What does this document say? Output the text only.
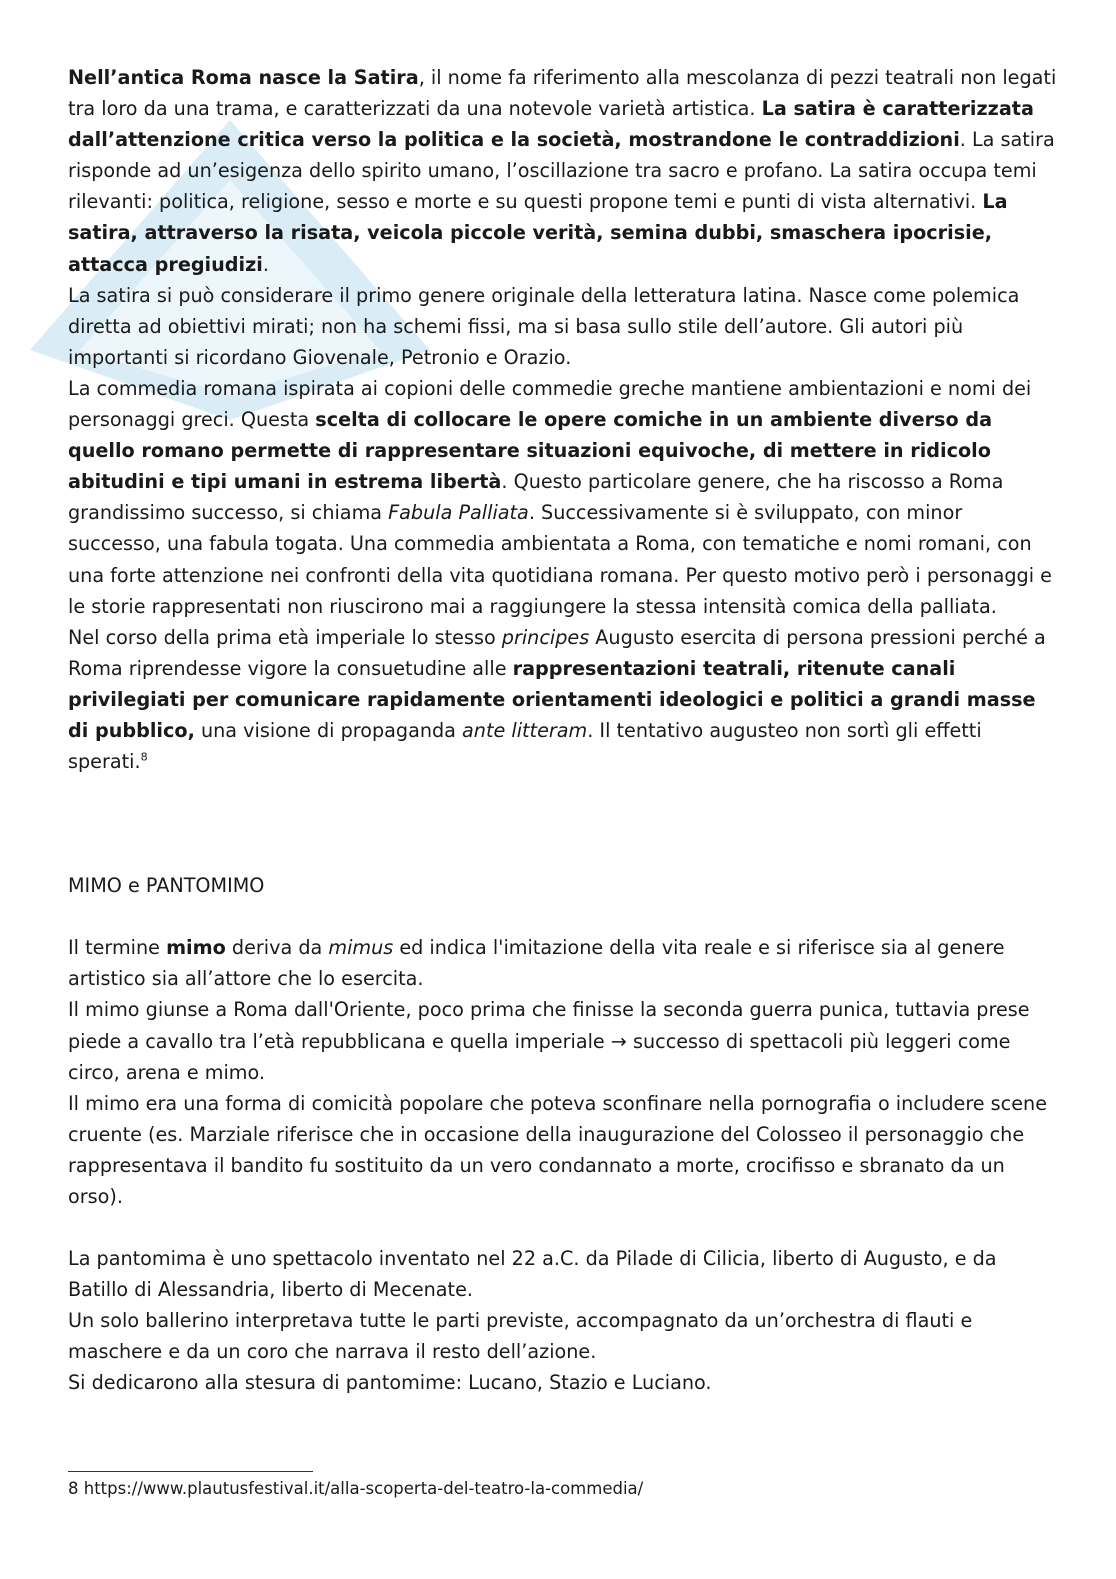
Nell’antica Roma nasce la Satira, il nome fa riferimento alla mescolanza di pezzi teatrali non legati tra loro da una trama, e caratterizzati da una notevole varietà artistica. La satira è caratterizzata dall’attenzione critica verso la politica e la società, mostrandone le contraddizioni. La satira risponde ad un’esigenza dello spirito umano, l’oscillazione tra sacro e profano. La satira occupa temi rilevanti: politica, religione, sesso e morte e su questi propone temi e punti di vista alternativi. La satira, attraverso la risata, veicola piccole verità, semina dubbi, smaschera ipocrisie, attacca pregiudizi.

La satira si può considerare il primo genere originale della letteratura latina. Nasce come polemica diretta ad obiettivi mirati; non ha schemi fissi, ma si basa sullo stile dell’autore. Gli autori più importanti si ricordano Giovenale, Petronio e Orazio.

La commedia romana ispirata ai copioni delle commedie greche mantiene ambientazioni e nomi dei personaggi greci. Questa scelta di collocare le opere comiche in un ambiente diverso da quello romano permette di rappresentare situazioni equivoche, di mettere in ridicolo abitudini e tipi umani in estrema libertà. Questo particolare genere, che ha riscosso a Roma grandissimo successo, si chiama Fabula Palliata. Successivamente si è sviluppato, con minor successo, una fabula togata. Una commedia ambientata a Roma, con tematiche e nomi romani, con una forte attenzione nei confronti della vita quotidiana romana. Per questo motivo però i personaggi e le storie rappresentati non riuscirono mai a raggiungere la stessa intensità comica della palliata.

Nel corso della prima età imperiale lo stesso principes Augusto esercita di persona pressioni perché a Roma riprendesse vigore la consuetudine alle rappresentazioni teatrali, ritenute canali privilegiati per comunicare rapidamente orientamenti ideologici e politici a grandi masse di pubblico, una visione di propaganda ante litteram. Il tentativo augusteo non sortì gli effetti sperati.$^8$

MIMO e PANTOMIMO

Il termine mimo deriva da mimus ed indica l'imitazione della vita reale e si riferisce sia al genere artistico sia all’attore che lo esercita.

Il mimo giunse a Roma dall'Oriente, poco prima che finisse la seconda guerra punica, tuttavia prese piede a cavallo tra l’età repubblicana e quella imperiale → successo di spettacoli più leggeri come circo, arena e mimo.

Il mimo era una forma di comicità popolare che poteva sconfinare nella pornografia o includere scene cruente (es. Marziale riferisce che in occasione della inaugurazione del Colosseo il personaggio che rappresentava il bandito fu sostituito da un vero condannato a morte, crocifisso e sbranato da un orso).

La pantomima è uno spettacolo inventato nel 22 a.C. da Pilade di Cilicia, liberto di Augusto, e da Batillo di Alessandria, liberto di Mecenate.

Un solo ballerino interpretava tutte le parti previste, accompagnato da un’orchestra di flauti e maschere e da un coro che narrava il resto dell’azione.

Si dedicarono alla stesura di pantomime: Lucano, Stazio e Luciano.

8 https://www.plautusfestival.it/alla-scoperta-del-teatro-la-commedia/
